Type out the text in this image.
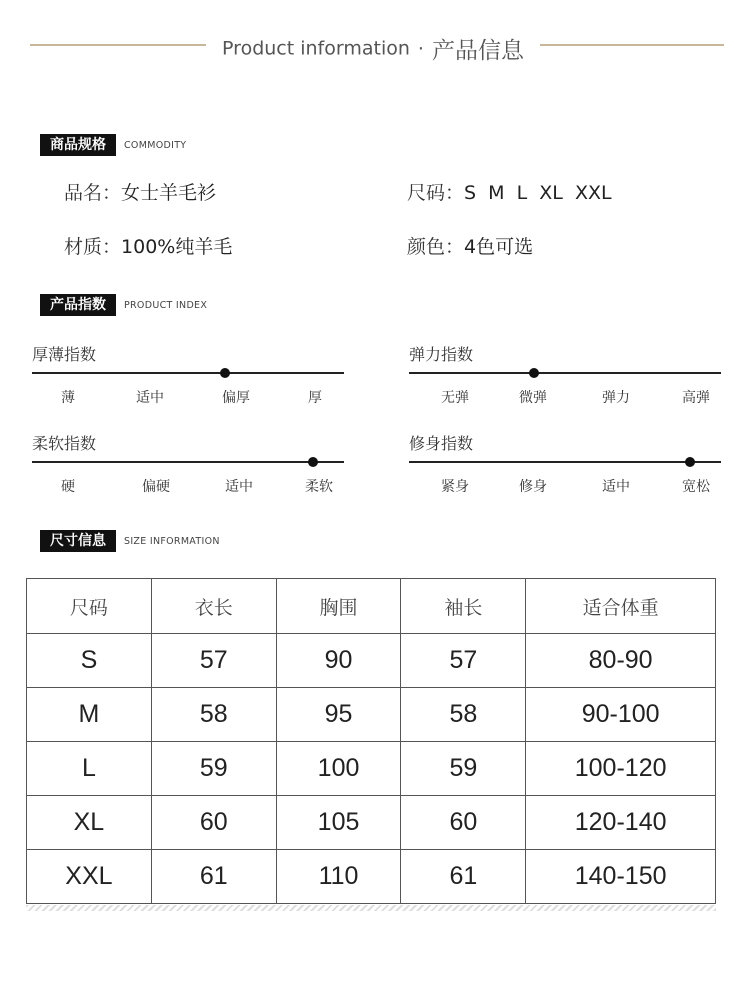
Product information · 产品信息
商品规格	COMMODITY
品名：女士羊毛衫	尺码：S  M  L  XL  XXL
材质：100%纯羊毛	颜色：4色可选
产品指数	PRODUCT INDEX
厚薄指数
薄	适中	偏厚	厚
弹力指数
无弹	微弹	弹力	高弹
柔软指数
硬	偏硬	适中	柔软
修身指数
紧身	修身	适中	宽松
尺寸信息	SIZE INFORMATION
尺码	衣长	胸围	袖长	适合体重
S	57	90	57	80-90
M	58	95	58	90-100
L	59	100	59	100-120
XL	60	105	60	120-140
XXL	61	110	61	140-150
